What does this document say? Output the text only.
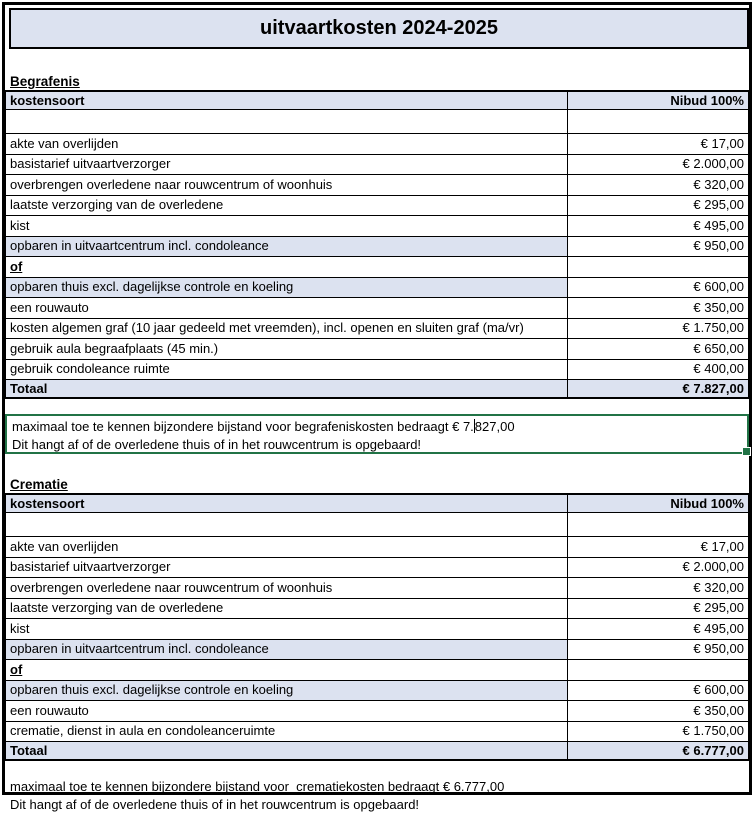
uitvaartkosten 2024-2025
Begrafenis
kostensoort	Nibud 100%

akte van overlijden	€ 17,00
basistarief uitvaartverzorger	€ 2.000,00
overbrengen overledene naar rouwcentrum of woonhuis	€ 320,00
laatste verzorging van de overledene	€ 295,00
kist	€ 495,00
opbaren in uitvaartcentrum incl. condoleance	€ 950,00
of	
opbaren thuis excl. dagelijkse controle en koeling	€ 600,00
een rouwauto	€ 350,00
kosten algemen graf (10 jaar gedeeld met vreemden), incl. openen en sluiten graf (ma/vr)	€ 1.750,00
gebruik aula begraafplaats (45 min.)	€ 650,00
gebruik condoleance ruimte	€ 400,00
Totaal	€ 7.827,00
maximaal toe te kennen bijzondere bijstand voor begrafeniskosten bedraagt € 7.827,00
Dit hangt af of de overledene thuis of in het rouwcentrum is opgebaard!
Crematie
kostensoort	Nibud 100%

akte van overlijden	€ 17,00
basistarief uitvaartverzorger	€ 2.000,00
overbrengen overledene naar rouwcentrum of woonhuis	€ 320,00
laatste verzorging van de overledene	€ 295,00
kist	€ 495,00
opbaren in uitvaartcentrum incl. condoleance	€ 950,00
of	
opbaren thuis excl. dagelijkse controle en koeling	€ 600,00
een rouwauto	€ 350,00
crematie, dienst in aula en condoleanceruimte	€ 1.750,00
Totaal	€ 6.777,00
maximaal toe te kennen bijzondere bijstand voor  crematiekosten bedraagt € 6.777,00
Dit hangt af of de overledene thuis of in het rouwcentrum is opgebaard!
